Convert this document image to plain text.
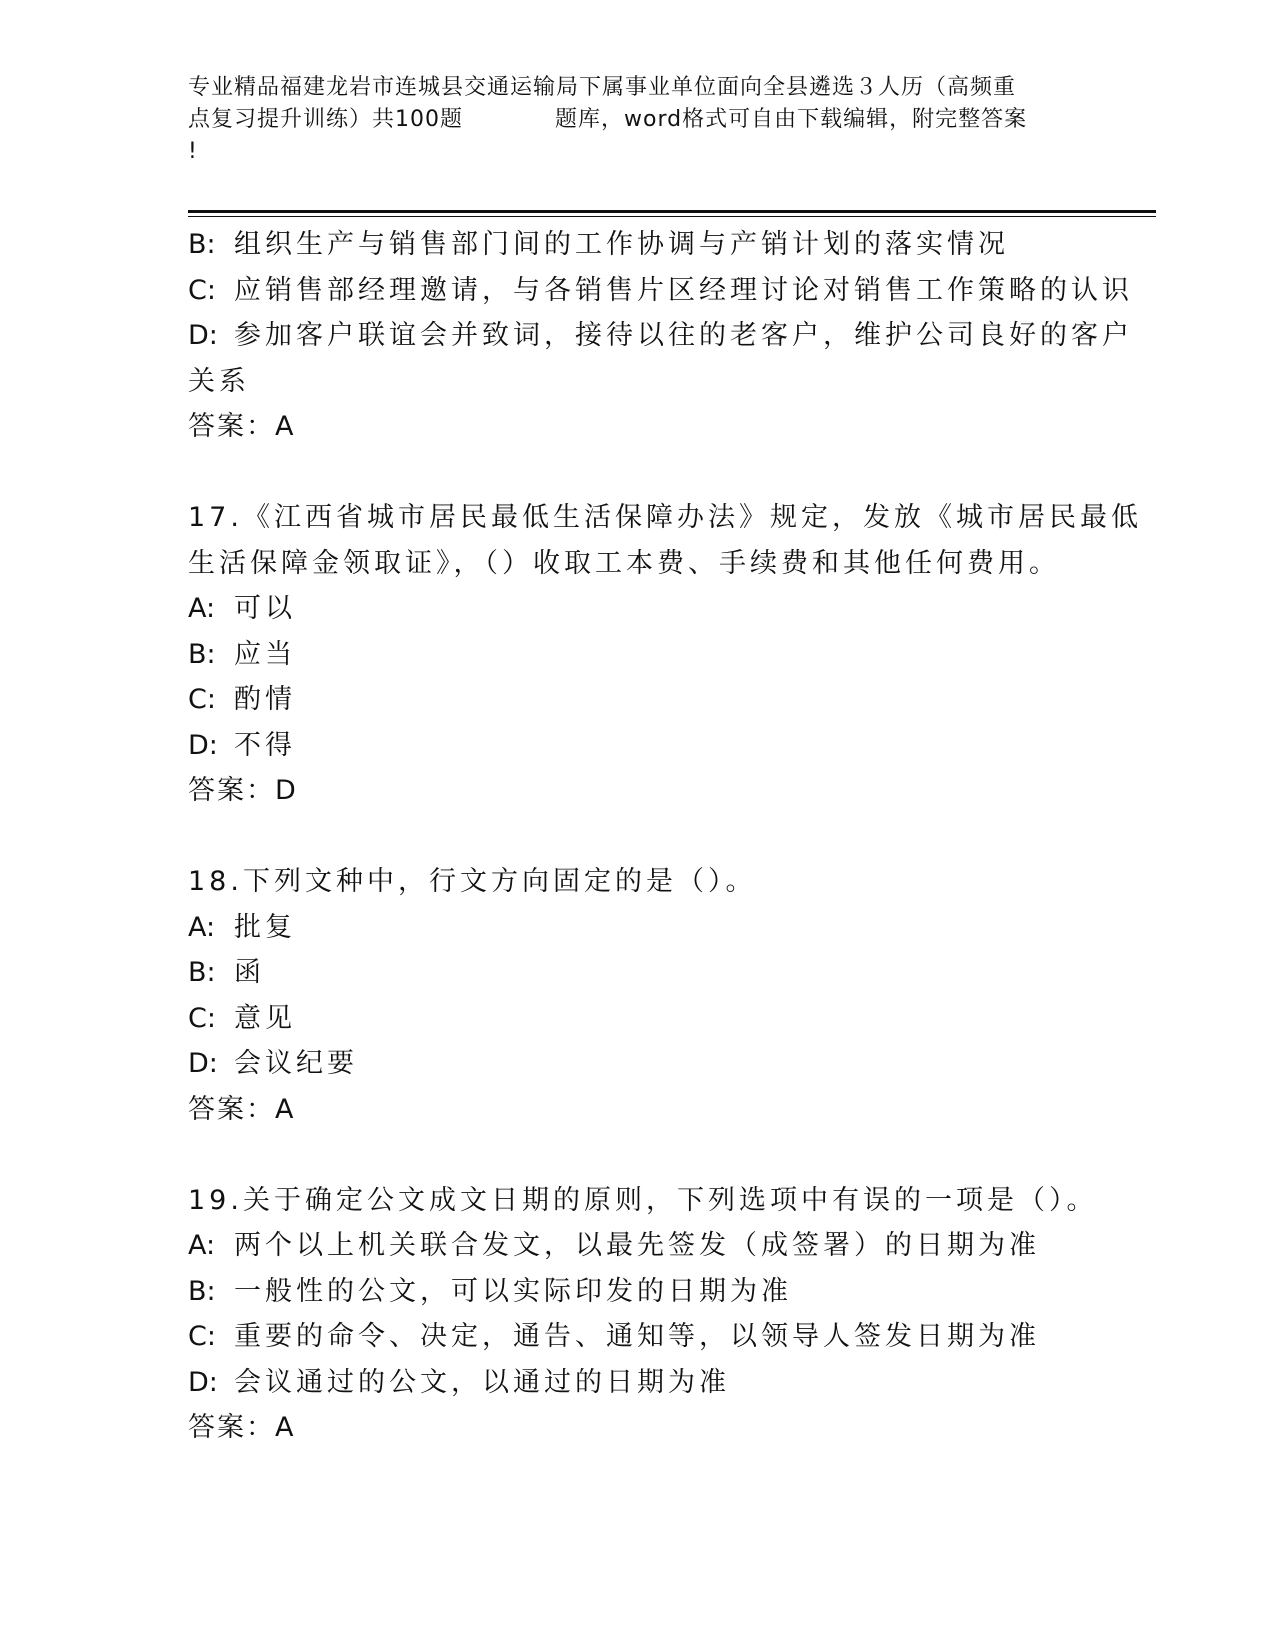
专业精品福建龙岩市连城县交通运输局下属事业单位面向全县遴选３人历（高频重
点复习提升训练）共100题　　　　题库，word格式可自由下载编辑，附完整答案
!
B: 组织生产与销售部门间的工作协调与产销计划的落实情况
C: 应销售部经理邀请，与各销售片区经理讨论对销售工作策略的认识
D: 参加客户联谊会并致词，接待以往的老客户，维护公司良好的客户
关系
答案：A
17.《江西省城市居民最低生活保障办法》规定，发放《城市居民最低
生活保障金领取证》，（）收取工本费、手续费和其他任何费用。
A: 可以
B: 应当
C: 酌情
D: 不得
答案：D
18.下列文种中，行文方向固定的是（）。
A: 批复
B: 函
C: 意见
D: 会议纪要
答案：A
19.关于确定公文成文日期的原则，下列选项中有误的一项是（）。
A: 两个以上机关联合发文，以最先签发（成签署）的日期为准
B: 一般性的公文，可以实际印发的日期为准
C: 重要的命令、决定，通告、通知等，以领导人签发日期为准
D: 会议通过的公文，以通过的日期为准
答案：A
